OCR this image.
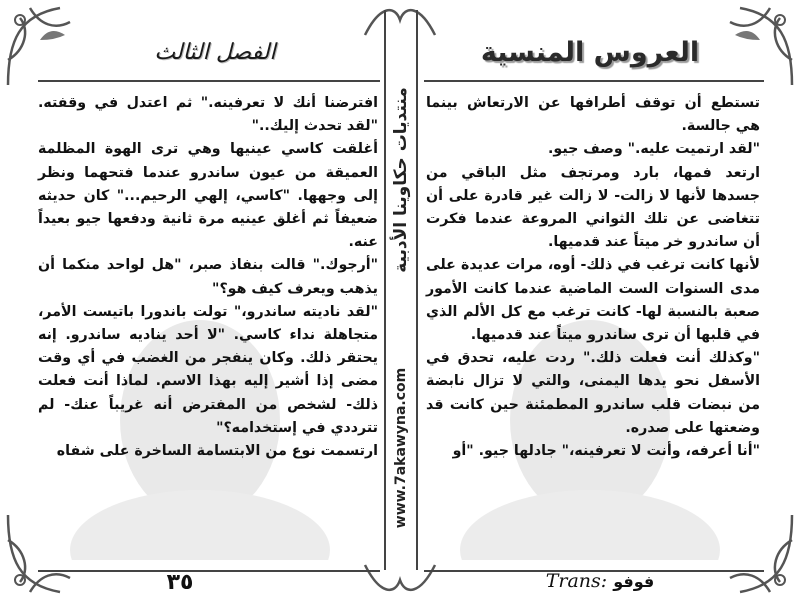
الفصل الثالث	العروس المنسية
منتديات حكاوينا الأدبية
www.7akawyna.com

افترضنا أنك لا تعرفينه." ثم اعتدل في وقفته. "لقد تحدث إليك.."

أغلقت كاسي عينيها وهي ترى الهوة المظلمة العميقة من عيون ساندرو عندما فتحهما ونظر إلى وجهها. "كاسي، إلهي الرحيم..." كان حديثه ضعيفاً ثم أغلق عينيه مرة ثانية ودفعها جيو بعيداً عنه.

"أرجوك." قالت بنفاذ صبر، "هل لواحد منكما أن يذهب ويعرف كيف هو؟"

"لقد ناديته ساندرو،" تولت باندورا باتيست الأمر، متجاهلة نداء كاسي. "لا أحد يناديه ساندرو. إنه يحتقر ذلك. وكان ينفجر من الغضب في أي وقت مضى إذا أشير إليه بهذا الاسم. لماذا أنت فعلت ذلك- لشخص من المفترض أنه غريباً عنك- لم تترددي في إستخدامه؟"

ارتسمت نوع من الابتسامة الساخرة على شفاه

تستطع أن توقف أطرافها عن الارتعاش بينما هي جالسة.

"لقد ارتميت عليه." وصف جيو.

ارتعد فمها، بارد ومرتجف مثل الباقي من جسدها لأنها لا زالت- لا زالت غير قادرة على أن تتغاضى عن تلك الثواني المروعة عندما فكرت أن ساندرو خر ميتاً عند قدميها.

لأنها كانت ترغب في ذلك- أوه، مرات عديدة على مدى السنوات الست الماضية عندما كانت الأمور صعبة بالنسبة لها- كانت ترغب مع كل الألم الذي في قلبها أن ترى ساندرو ميتاً عند قدميها.

"وكذلك أنت فعلت ذلك." ردت عليه، تحدق في الأسفل نحو يدها اليمنى، والتي لا تزال نابضة من نبضات قلب ساندرو المطمئنة حين كانت قد وضعتها على صدره.

"أنا أعرفه، وأنت لا تعرفينه،" جادلها جيو. "أو

٣٥	Trans: فوفو
